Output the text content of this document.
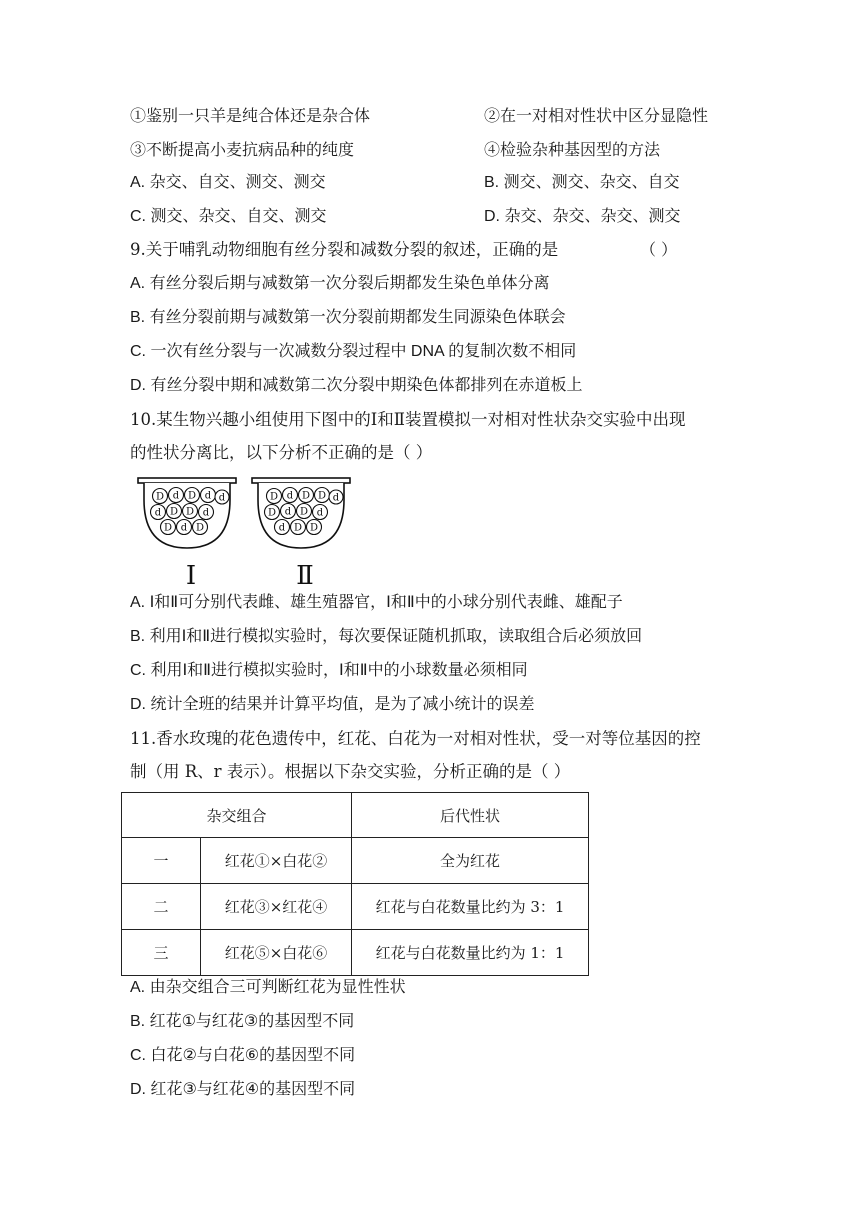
①鉴别一只羊是纯合体还是杂合体	②在一对相对性状中区分显隐性
③不断提高小麦抗病品种的纯度	④检验杂种基因型的方法
A. 杂交、自交、测交、测交	B. 测交、测交、杂交、自交
C. 测交、杂交、自交、测交	D. 杂交、杂交、杂交、测交
9.关于哺乳动物细胞有丝分裂和减数分裂的叙述，正确的是	（ ）
A. 有丝分裂后期与减数第一次分裂后期都发生染色单体分离
B. 有丝分裂前期与减数第一次分裂前期都发生同源染色体联会
C. 一次有丝分裂与一次减数分裂过程中 DNA 的复制次数不相同
D. 有丝分裂中期和减数第二次分裂中期染色体都排列在赤道板上
10.某生物兴趣小组使用下图中的Ⅰ和Ⅱ装置模拟一对相对性状杂交实验中出现
的性状分离比，以下分析不正确的是（ ）
D d D d d
d D D d
D d D
Ⅰ
D d D D d
D d D d
d D D
Ⅱ
A. Ⅰ和Ⅱ可分别代表雌、雄生殖器官，Ⅰ和Ⅱ中的小球分别代表雌、雄配子
B. 利用Ⅰ和Ⅱ进行模拟实验时，每次要保证随机抓取，读取组合后必须放回
C. 利用Ⅰ和Ⅱ进行模拟实验时，Ⅰ和Ⅱ中的小球数量必须相同
D. 统计全班的结果并计算平均值，是为了减小统计的误差
11.香水玫瑰的花色遗传中，红花、白花为一对相对性状，受一对等位基因的控
制（用 R、r 表示）。根据以下杂交实验，分析正确的是（ ）
杂交组合		后代性状
一	红花①×白花②	全为红花
二	红花③×红花④	红花与白花数量比约为 3：1
三	红花⑤×白花⑥	红花与白花数量比约为 1：1
A. 由杂交组合三可判断红花为显性性状
B. 红花①与红花③的基因型不同
C. 白花②与白花⑥的基因型不同
D. 红花③与红花④的基因型不同
